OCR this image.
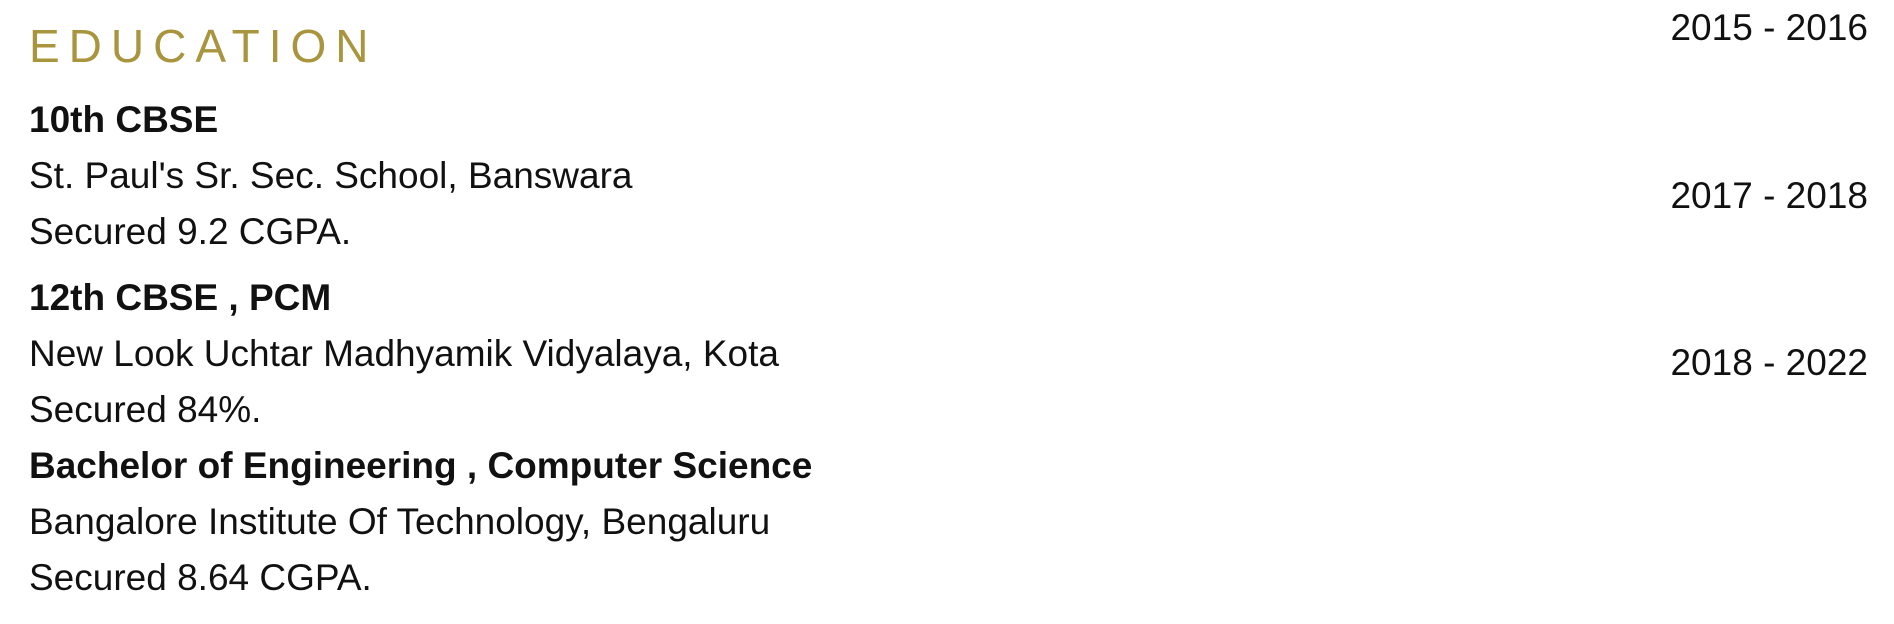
EDUCATION	2015 - 2016

10th CBSE

St. Paul's Sr. Sec. School, Banswara

Secured 9.2 CGPA.

2017 - 2018

12th CBSE , PCM

New Look Uchtar Madhyamik Vidyalaya, Kota

Secured 84%.

2018 - 2022

Bachelor of Engineering , Computer Science

Bangalore Institute Of Technology, Bengaluru

Secured 8.64 CGPA.
